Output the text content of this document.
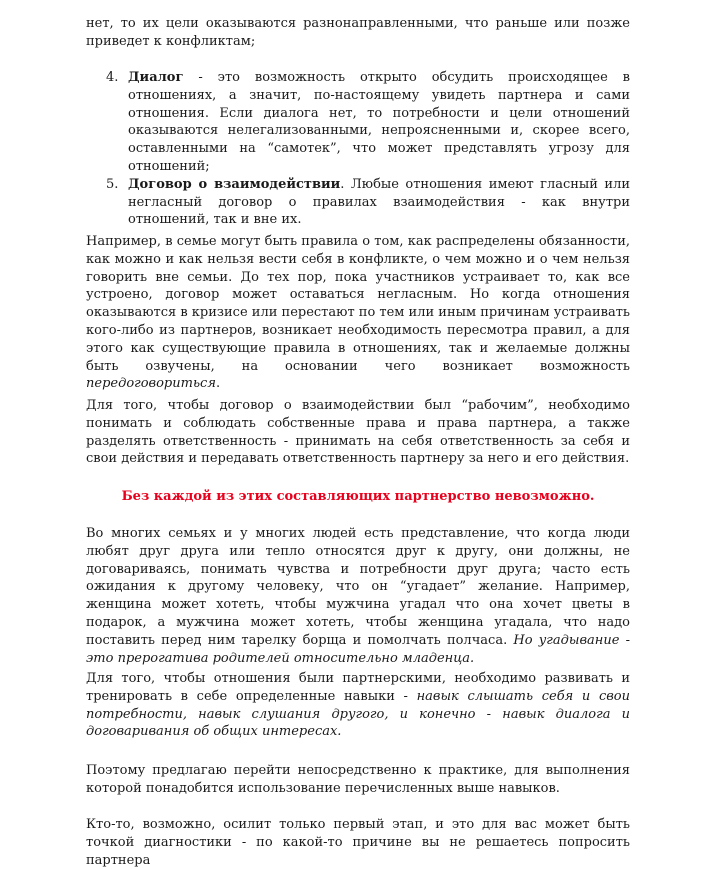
нет, то их цели оказываются разнонаправленными, что раньше или позже приведет к конфликтам;

4. Диалог - это возможность открыто обсудить происходящее в отношениях, а значит, по-настоящему увидеть партнера и сами отношения. Если диалога нет, то потребности и цели отношений оказываются нелегализованными, непроясненными и, скорее всего, оставленными на “самотек”, что может представлять угрозу для отношений;
5. Договор о взаимодействии. Любые отношения имеют гласный или негласный договор о правилах взаимодействия - как внутри отношений, так и вне их.

Например, в семье могут быть правила о том, как распределены обязанности, как можно и как нельзя вести себя в конфликте, о чем можно и о чем нельзя говорить вне семьи. До тех пор, пока участников устраивает то, как все устроено, договор может оставаться негласным. Но когда отношения оказываются в кризисе или перестают по тем или иным причинам устраивать кого-либо из партнеров, возникает необходимость пересмотра правил, а для этого как существующие правила в отношениях, так и желаемые должны быть озвучены, на основании чего возникает возможность передоговориться.

Для того, чтобы договор о взаимодействии был “рабочим”, необходимо понимать и соблюдать собственные права и права партнера, а также разделять ответственность - принимать на себя ответственность за себя и свои действия и передавать ответственность партнеру за него и его действия.

Без каждой из этих составляющих партнерство невозможно.

Во многих семьях и у многих людей есть представление, что когда люди любят друг друга или тепло относятся друг к другу, они должны, не договариваясь, понимать чувства и потребности друг друга; часто есть ожидания к другому человеку, что он “угадает” желание. Например, женщина может хотеть, чтобы мужчина угадал что она хочет цветы в подарок, а мужчина может хотеть, чтобы женщина угадала, что надо поставить перед ним тарелку борща и помолчать полчаса. Но угадывание - это прерогатива родителей относительно младенца.

Для того, чтобы отношения были партнерскими, необходимо развивать и тренировать в себе определенные навыки - навык слышать себя и свои потребности, навык слушания другого, и конечно - навык диалога и договаривания об общих интересах.

Поэтому предлагаю перейти непосредственно к практике, для выполнения которой понадобится использование перечисленных выше навыков.

Кто-то, возможно, осилит только первый этап, и это для вас может быть точкой диагностики - по какой-то причине вы не решаетесь попросить партнера
